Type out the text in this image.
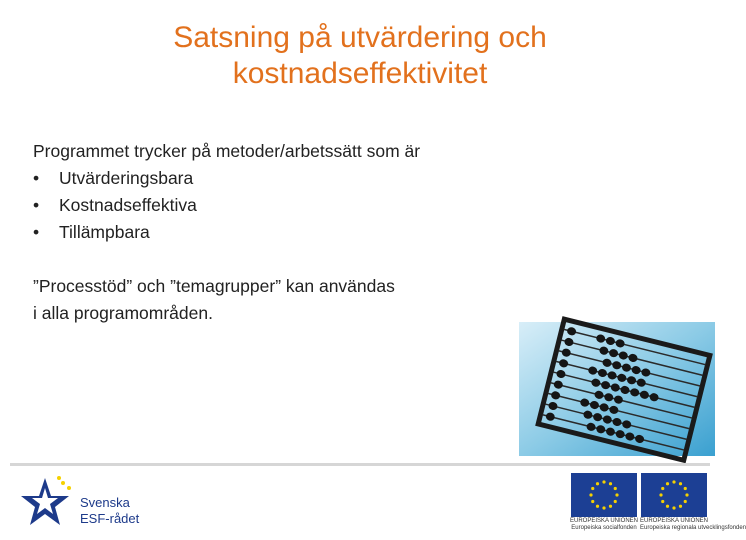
Satsning på utvärdering och
kostnadseffektivitet

Programmet trycker på metoder/arbetssätt som är

• Utvärderingsbara
• Kostnadseffektiva
• Tillämpbara

”Processtöd” och ”temagrupper” kan användas

i alla programområden.

Svenska
ESF-rådet	EUROPEISKA UNIONEN
Europeiska socialfonden
EUROPEISKA UNIONEN
Europeiska regionala utvecklingsfonden
